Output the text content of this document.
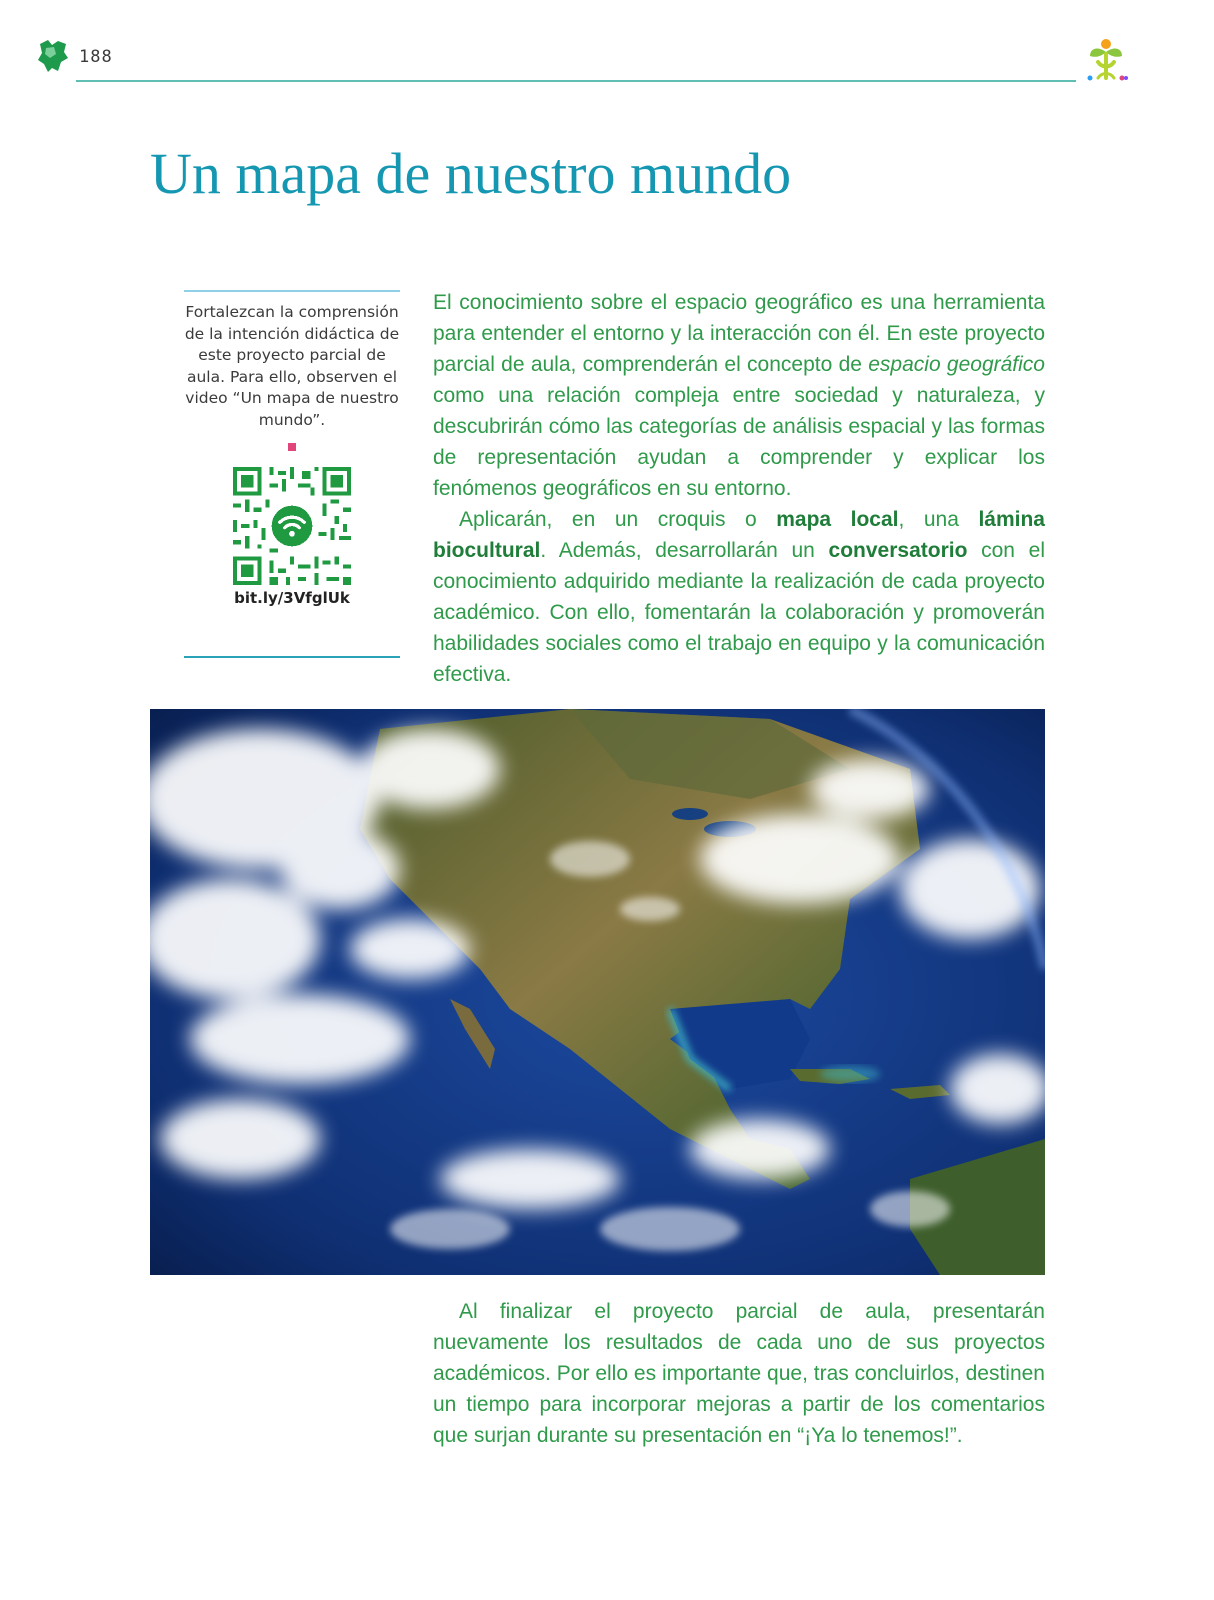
188
Un mapa de nuestro mundo
Fortalezcan la comprensión de la intención didáctica de este proyecto parcial de aula. Para ello, observen el video “Un mapa de nuestro mundo”.
bit.ly/3VfglUk

El conocimiento sobre el espacio geográfico es una herramienta para entender el entorno y la interacción con él. En este proyecto parcial de aula, comprenderán el concepto de espacio geográfico como una relación compleja entre sociedad y naturaleza, y descubrirán cómo las categorías de análisis espacial y las formas de representación ayudan a comprender y explicar los fenómenos geográficos en su entorno.

Aplicarán, en un croquis o mapa local, una lámina biocultural. Además, desarrollarán un conversatorio con el conocimiento adquirido mediante la realización de cada proyecto académico. Con ello, fomentarán la colaboración y promoverán habilidades sociales como el trabajo en equipo y la comunicación efectiva.

Al finalizar el proyecto parcial de aula, presentarán nuevamente los resultados de cada uno de sus proyectos académicos. Por ello es importante que, tras concluirlos, destinen un tiempo para incorporar mejoras a partir de los comentarios que surjan durante su presentación en “¡Ya lo tenemos!”.
